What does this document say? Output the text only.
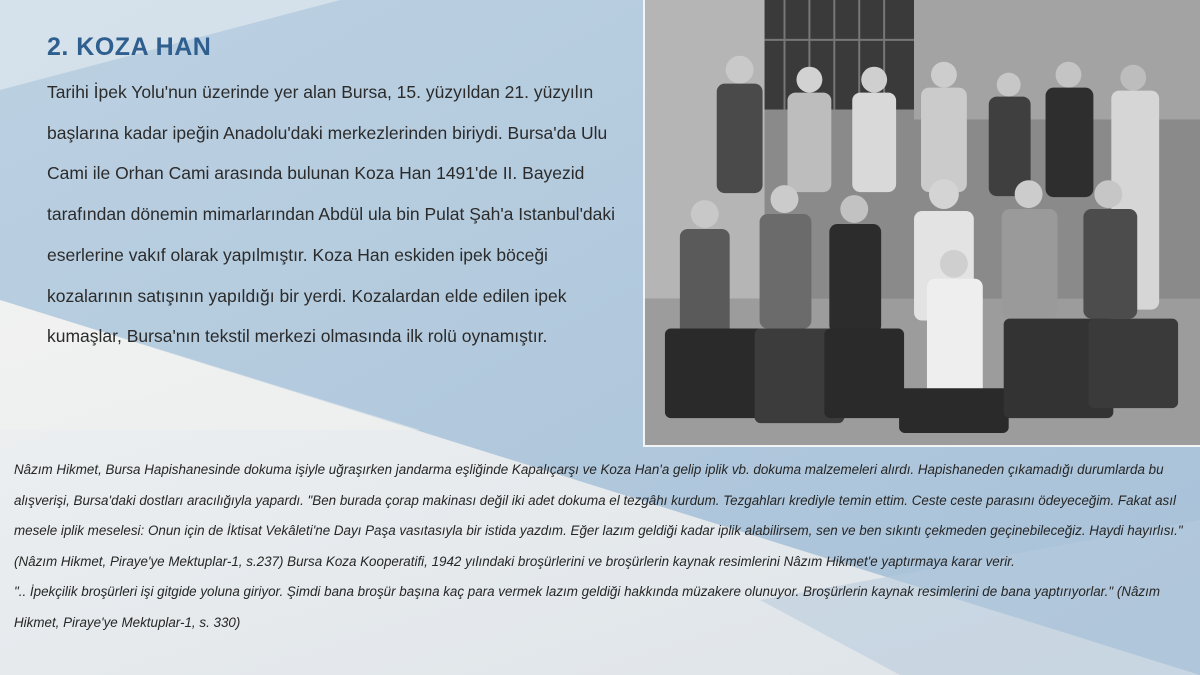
2. KOZA HAN

Tarihi İpek Yolu'nun üzerinde yer alan Bursa, 15. yüzyıldan 21. yüzyılın başlarına kadar ipeğin Anadolu'daki merkezlerinden biriydi. Bursa'da Ulu Cami ile Orhan Cami arasında bulunan Koza Han 1491'de II. Bayezid tarafından dönemin mimarlarından Abdül ula bin Pulat Şah'a Istanbul'daki eserlerine vakıf olarak yapılmıştır. Koza Han eskiden ipek böceği kozalarının satışının yapıldığı bir yerdi. Kozalardan elde edilen ipek kumaşlar, Bursa'nın tekstil merkezi olmasında ilk rolü oynamıştır.

Nâzım Hikmet, Bursa Hapishanesinde dokuma işiyle uğraşırken jandarma eşliğinde Kapalıçarşı ve Koza Han'a gelip iplik vb. dokuma malzemeleri alırdı. Hapishaneden çıkamadığı durumlarda bu alışverişi, Bursa'daki dostları aracılığıyla yapardı. "Ben burada çorap makinası değil iki adet dokuma el tezgâhı kurdum. Tezgahları krediyle temin ettim. Ceste ceste parasını ödeyeceğim. Fakat asıl mesele iplik meselesi: Onun için de İktisat Vekâleti'ne Dayı Paşa vasıtasıyla bir istida yazdım. Eğer lazım geldiği kadar iplik alabilirsem, sen ve ben sıkıntı çekmeden geçinebileceğiz. Haydi hayırlısı." (Nâzım Hikmet, Piraye'ye Mektuplar-1, s.237) Bursa Koza Kooperatifi, 1942 yılındaki broşürlerini ve broşürlerin kaynak resimlerini Nâzım Hikmet'e yaptırmaya karar verir.

".. İpekçilik broşürleri işi gitgide yoluna giriyor. Şimdi bana broşür başına kaç para vermek lazım geldiği hakkında müzakere olunuyor. Broşürlerin kaynak resimlerini de bana yaptırıyorlar." (Nâzım Hikmet, Piraye'ye Mektuplar-1, s. 330)
